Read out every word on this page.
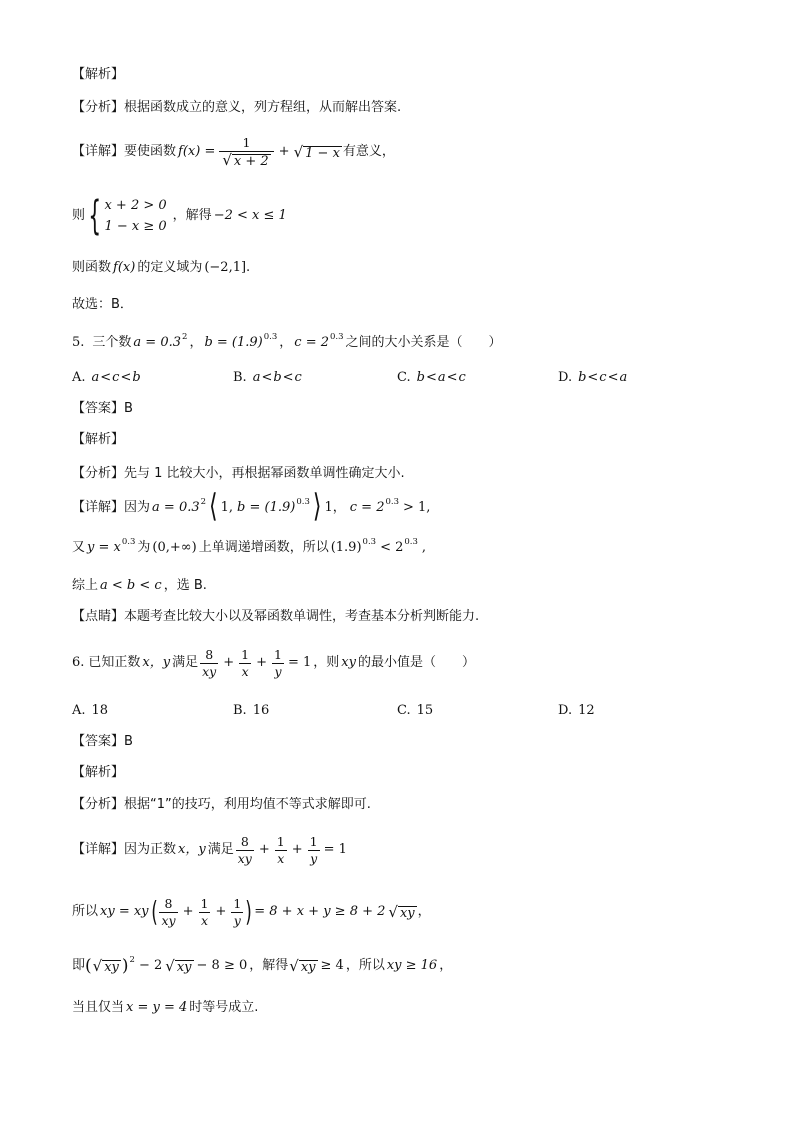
【解析】
【分析】 根据函数成立的意义，列方程组，从而解出答案.
【详解】 要使函数 $f(x) = \frac{1}{√ x + 2}$ + √ 1 − x 有意义，
则 { x + 2 > 0
1 − x ≥ 0
，解得 −2 < x ≤ 1
则函数 f(x) 的定义域为 (−2,1].
故选：B．
5. 三个数 a = 0.3 2 ， b = (1.9) 0.3 ， c = 2 0.3 之间的大小关系是（　　）
A. a<c<b	B. a<b<c	C. b<a<c	D. b<c<a
【答案】 B
【解析】
【分析】 先与 1 比较大小，再根据幂函数单调性确定大小.
【详解】 因为 a = 0.3 2 ⟨ 1, b = (1.9) 0.3 ⟩ 1， c = 2 0.3 > 1,
又 y = x 0.3 为 (0,+∞) 上单调递增函数，所以 (1.9) 0.3 < 2 0.3 ,
综上 a < b < c ，选 B.
【点睛】 本题考查比较大小以及幂函数单调性，考查基本分析判断能力.
6. 已知正数 x，y 满足 $\frac{8}{xy} + \frac{1}{x} + \frac{1}{y} = 1$ ，则 xy 的最小值是（　　）
A. 18	B. 16	C. 15	D. 12
【答案】 B
【解析】
【分析】 根据“1”的技巧，利用均值不等式求解即可.
【详解】 因为正数 x，y 满足 $\frac{8}{xy} + \frac{1}{x} + \frac{1}{y} = 1$
所以 xy = xy ( $\frac{8}{xy} + \frac{1}{x} + \frac{1}{y}$ ) = 8 + x + y ≥ 8 + 2 √ xy ，
即 ( √ xy ) 2 − 2 √ xy − 8 ≥ 0 ，解得 √ xy ≥ 4 ，所以 xy ≥ 16 ，
当且仅当 x = y = 4 时等号成立.
